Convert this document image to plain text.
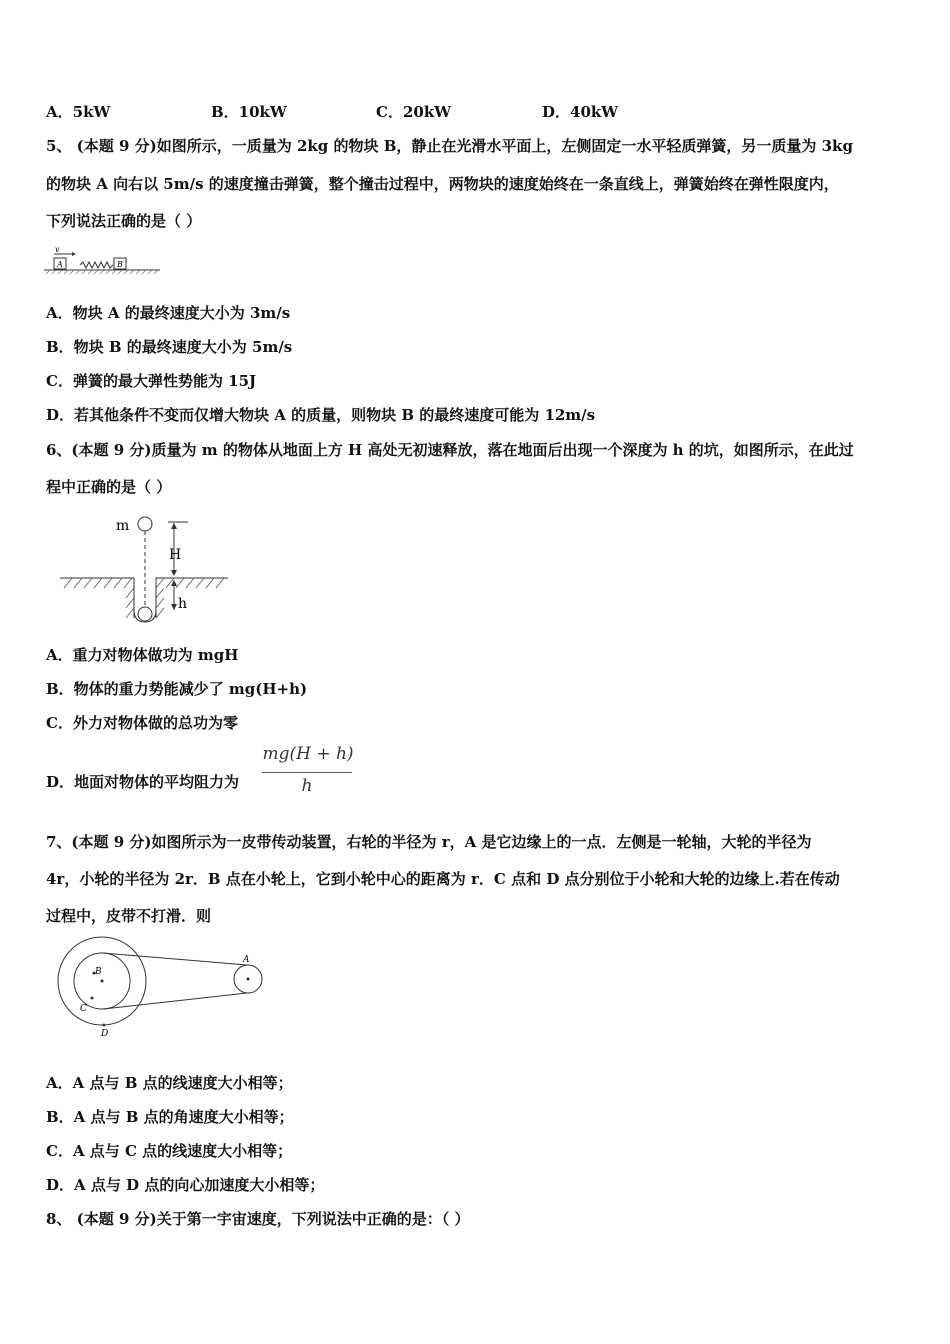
A．5kW	B．10kW	C．20kW	D．40kW
5、 (本题 9 分)如图所示，一质量为 2kg 的物块 B，静止在光滑水平面上，左侧固定一水平轻质弹簧，另一质量为 3kg
的物块 A 向右以 5m/s 的速度撞击弹簧，整个撞击过程中，两物块的速度始终在一条直线上，弹簧始终在弹性限度内，
下列说法正确的是（ ）
v
A	B
A．物块 A 的最终速度大小为 3m/s
B．物块 B 的最终速度大小为 5m/s
C．弹簧的最大弹性势能为 15J
D．若其他条件不变而仅增大物块 A 的质量，则物块 B 的最终速度可能为 12m/s
6、(本题 9 分)质量为 m 的物体从地面上方 H 高处无初速释放，落在地面后出现一个深度为 h 的坑，如图所示，在此过
程中正确的是（ ）
m
H
h
A．重力对物体做功为 mgH
B．物体的重力势能减少了 mg(H+h)
C．外力对物体做的总功为零
D．地面对物体的平均阻力为
mg(H + h)
h
7、(本题 9 分)如图所示为一皮带传动装置，右轮的半径为 r，A 是它边缘上的一点．左侧是一轮轴，大轮的半径为
4r，小轮的半径为 2r．B 点在小轮上，它到小轮中心的距离为 r．C 点和 D 点分别位于小轮和大轮的边缘上.若在传动
过程中，皮带不打滑．则
B
A
C
D
A．A 点与 B 点的线速度大小相等；
B．A 点与 B 点的角速度大小相等；
C．A 点与 C 点的线速度大小相等；
D．A 点与 D 点的向心加速度大小相等；
8、 (本题 9 分)关于第一宇宙速度，下列说法中正确的是：（ ）
